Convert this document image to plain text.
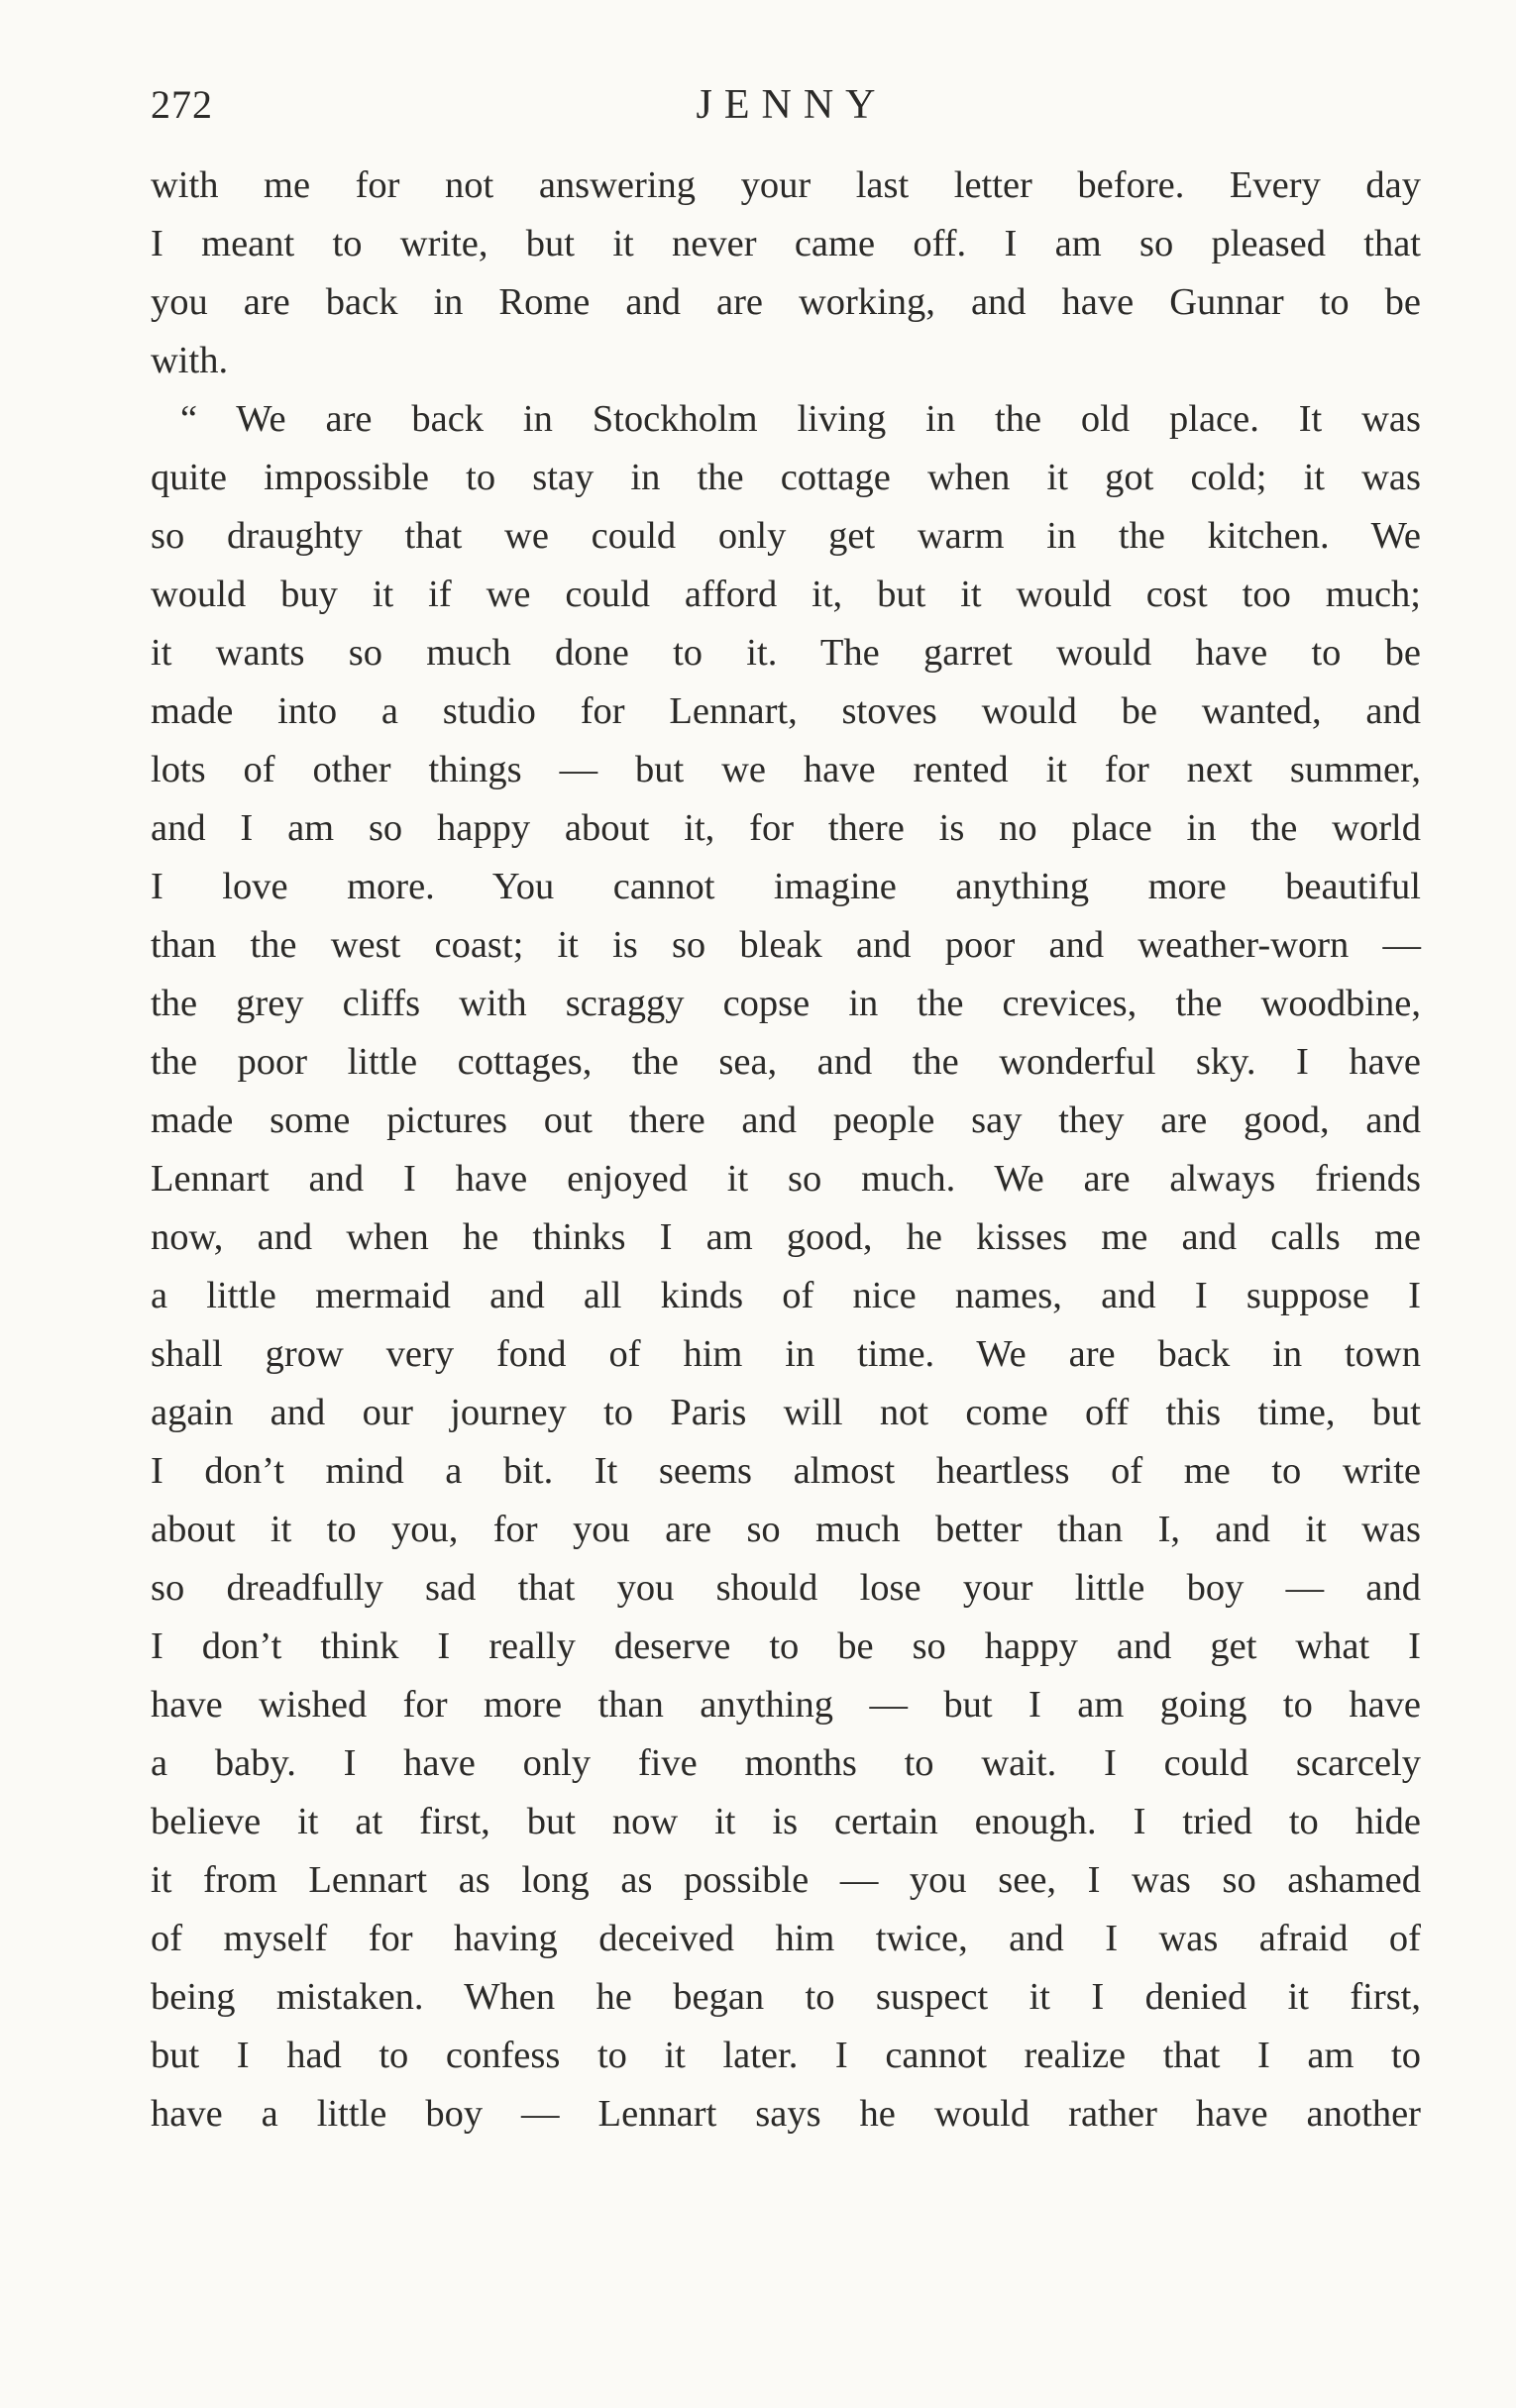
272	JENNY
with me for not answering your last letter before. Every day
I meant to write, but it never came off. I am so pleased that
you are back in Rome and are working, and have Gunnar to be
with.
“ We are back in Stockholm living in the old place. It was
quite impossible to stay in the cottage when it got cold; it was
so draughty that we could only get warm in the kitchen. We
would buy it if we could afford it, but it would cost too much;
it wants so much done to it. The garret would have to be
made into a studio for Lennart, stoves would be wanted, and
lots of other things — but we have rented it for next summer,
and I am so happy about it, for there is no place in the world
I love more. You cannot imagine anything more beautiful
than the west coast; it is so bleak and poor and weather-worn —
the grey cliffs with scraggy copse in the crevices, the woodbine,
the poor little cottages, the sea, and the wonderful sky. I have
made some pictures out there and people say they are good, and
Lennart and I have enjoyed it so much. We are always friends
now, and when he thinks I am good, he kisses me and calls me
a little mermaid and all kinds of nice names, and I suppose I
shall grow very fond of him in time. We are back in town
again and our journey to Paris will not come off this time, but
I don’t mind a bit. It seems almost heartless of me to write
about it to you, for you are so much better than I, and it was
so dreadfully sad that you should lose your little boy — and
I don’t think I really deserve to be so happy and get what I
have wished for more than anything — but I am going to have
a baby. I have only five months to wait. I could scarcely
believe it at first, but now it is certain enough. I tried to hide
it from Lennart as long as possible — you see, I was so ashamed
of myself for having deceived him twice, and I was afraid of
being mistaken. When he began to suspect it I denied it first,
but I had to confess to it later. I cannot realize that I am to
have a little boy — Lennart says he would rather have another
